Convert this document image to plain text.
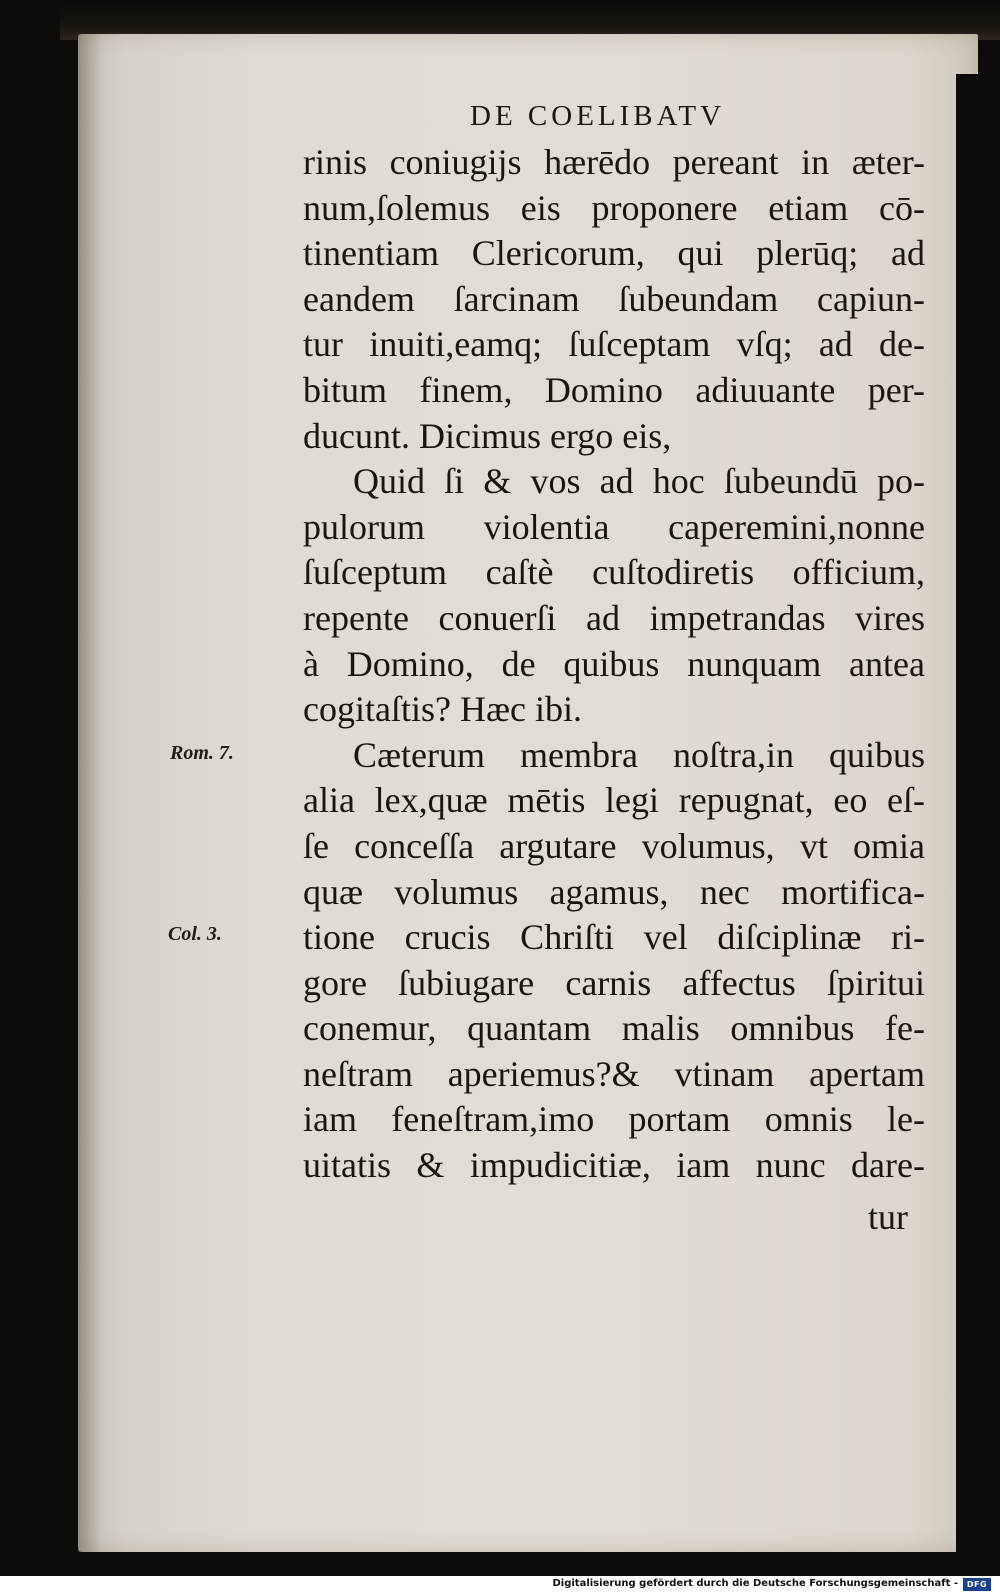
DE COELIBATV
rinis coniugijs hærēdo pereant in æter-
num,ſolemus eis proponere etiam cō-
tinentiam Clericorum, qui plerūq; ad
eandem ſarcinam ſubeundam capiun-
tur inuiti,eamq; ſuſceptam vſq; ad de-
bitum finem, Domino adiuuante per-
ducunt. Dicimus ergo eis,
Quid ſi & vos ad hoc ſubeundū po-
pulorum violentia caperemini,nonne
ſuſceptum caſtè cuſtodiretis officium,
repente conuerſi ad impetrandas vires
à Domino, de quibus nunquam antea
cogitaſtis? Hæc ibi.
Cæterum membra noſtra,in quibus
alia lex,quæ mētis legi repugnat, eo eſ-
ſe conceſſa argutare volumus, vt omia
quæ volumus agamus, nec mortifica-
tione crucis Chriſti vel diſciplinæ ri-
gore ſubiugare carnis affectus ſpiritui
conemur, quantam malis omnibus fe-
neſtram aperiemus?& vtinam apertam
iam feneſtram,imo portam omnis le-
uitatis & impudicitiæ, iam nunc dare-
tur
Rom. 7.
Col. 3.
Digitalisierung gefördert durch die Deutsche Forschungsgemeinschaft -	DFG
